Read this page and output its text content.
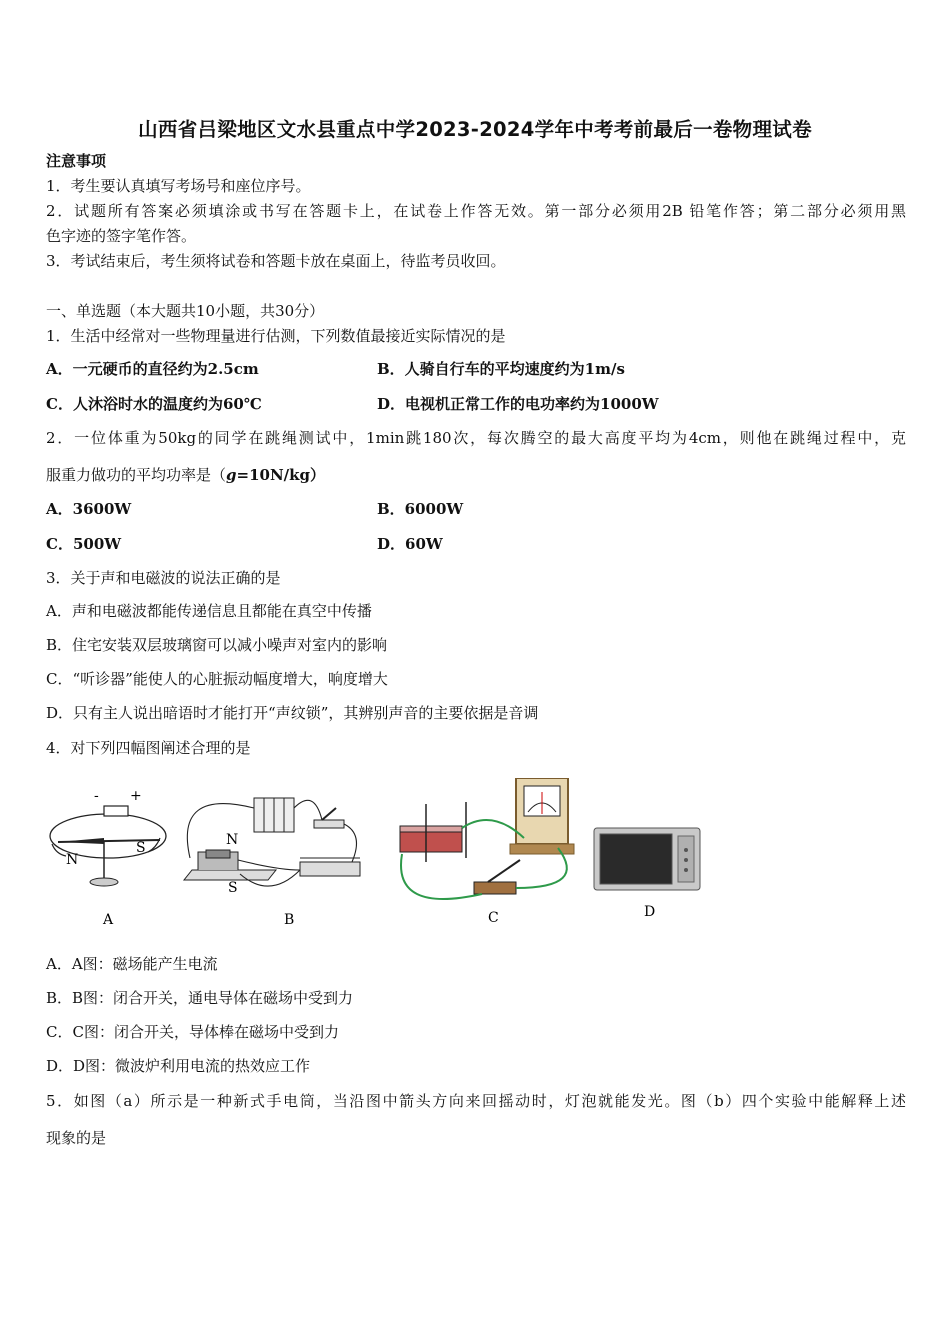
山西省吕梁地区文水县重点中学2023-2024学年中考考前最后一卷物理试卷
注意事项
1．考生要认真填写考场号和座位序号。
2．试题所有答案必须填涂或书写在答题卡上，在试卷上作答无效。第一部分必须用2B 铅笔作答；第二部分必须用黑
色字迹的签字笔作答。
3．考试结束后，考生须将试卷和答题卡放在桌面上，待监考员收回。
一、单选题（本大题共10小题，共30分）
1．生活中经常对一些物理量进行估测，下列数值最接近实际情况的是
A．一元硬币的直径约为2.5cm	B．人骑自行车的平均速度约为1m/s
C．人沐浴时水的温度约为60℃	D．电视机正常工作的电功率约为1000W
2．一位体重为50kg的同学在跳绳测试中，1min跳180次，每次腾空的最大高度平均为4cm，则他在跳绳过程中，克
服重力做功的平均功率是（g=10N/kg）
A．3600W	B．6000W
C．500W	D．60W
3．关于声和电磁波的说法正确的是
A．声和电磁波都能传递信息且都能在真空中传播
B．住宅安装双层玻璃窗可以减小噪声对室内的影响
C．“听诊器”能使人的心脏振动幅度增大，响度增大
D．只有主人说出暗语时才能打开“声纹锁”，其辨别声音的主要依据是音调
4．对下列四幅图阐述合理的是
- +
N
S
A
N
S
B	C	D
A．A图：磁场能产生电流
B．B图：闭合开关，通电导体在磁场中受到力
C．C图：闭合开关，导体棒在磁场中受到力
D．D图：微波炉利用电流的热效应工作
5．如图（a）所示是一种新式手电筒，当沿图中箭头方向来回摇动时，灯泡就能发光。图（b）四个实验中能解释上述
现象的是
